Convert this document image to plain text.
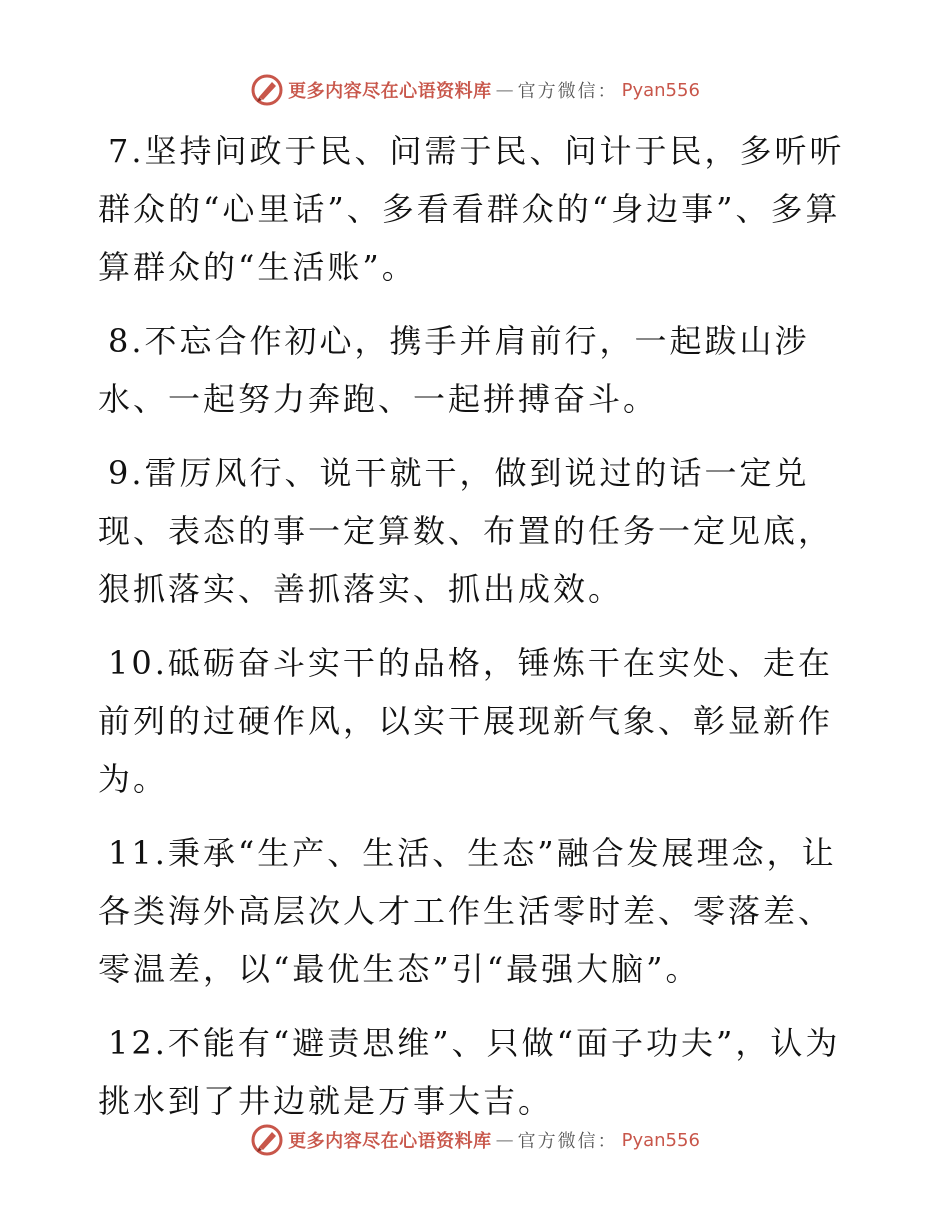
更多内容尽在心语资料库 — 官方微信： Pyan556

7.坚持问政于民、问需于民、问计于民，多听听群众的“心里话”、多看看群众的“身边事”、多算算群众的“生活账”。

8.不忘合作初心，携手并肩前行，一起跋山涉水、一起努力奔跑、一起拼搏奋斗。

9.雷厉风行、说干就干，做到说过的话一定兑现、表态的事一定算数、布置的任务一定见底，狠抓落实、善抓落实、抓出成效。

10.砥砺奋斗实干的品格，锤炼干在实处、走在前列的过硬作风，以实干展现新气象、彰显新作为。

11.秉承“生产、生活、生态”融合发展理念，让各类海外高层次人才工作生活零时差、零落差、零温差，以“最优生态”引“最强大脑”。

12.不能有“避责思维”、只做“面子功夫”，认为挑水到了井边就是万事大吉。

更多内容尽在心语资料库 — 官方微信： Pyan556
